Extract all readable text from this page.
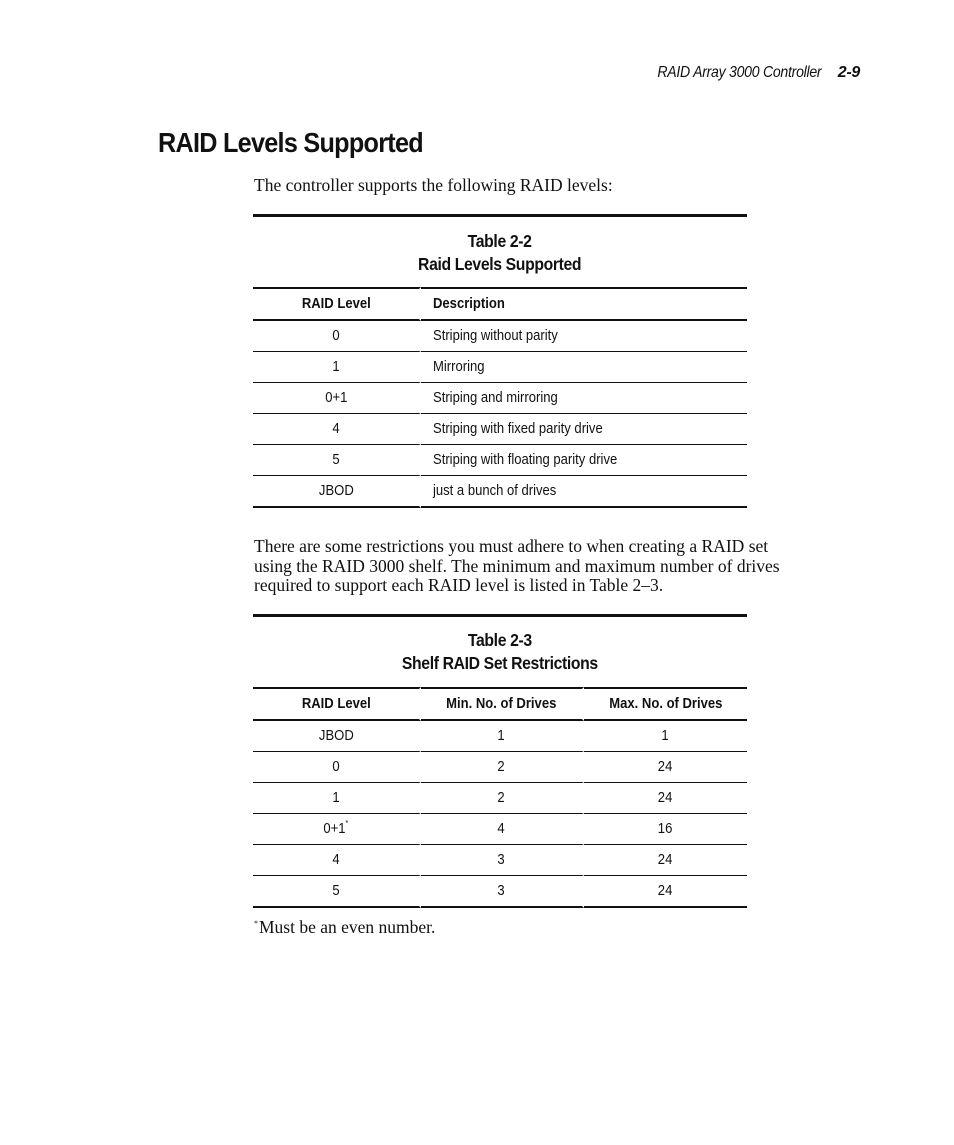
RAID Array 3000 Controller 2-9
RAID Levels Supported

The controller supports the following RAID levels:

Table 2-2
Raid Levels Supported
RAID Level	Description
0	Striping without parity
1	Mirroring
0+1	Striping and mirroring
4	Striping with fixed parity drive
5	Striping with floating parity drive
JBOD	just a bunch of drives

There are some restrictions you must adhere to when creating a RAID set using the RAID 3000 shelf. The minimum and maximum number of drives required to support each RAID level is listed in Table 2–3.

Table 2-3
Shelf RAID Set Restrictions
RAID Level	Min. No. of Drives	Max. No. of Drives
JBOD	1	1
0	2	24
1	2	24
0+1*	4	16
4	3	24
5	3	24
*Must be an even number.
